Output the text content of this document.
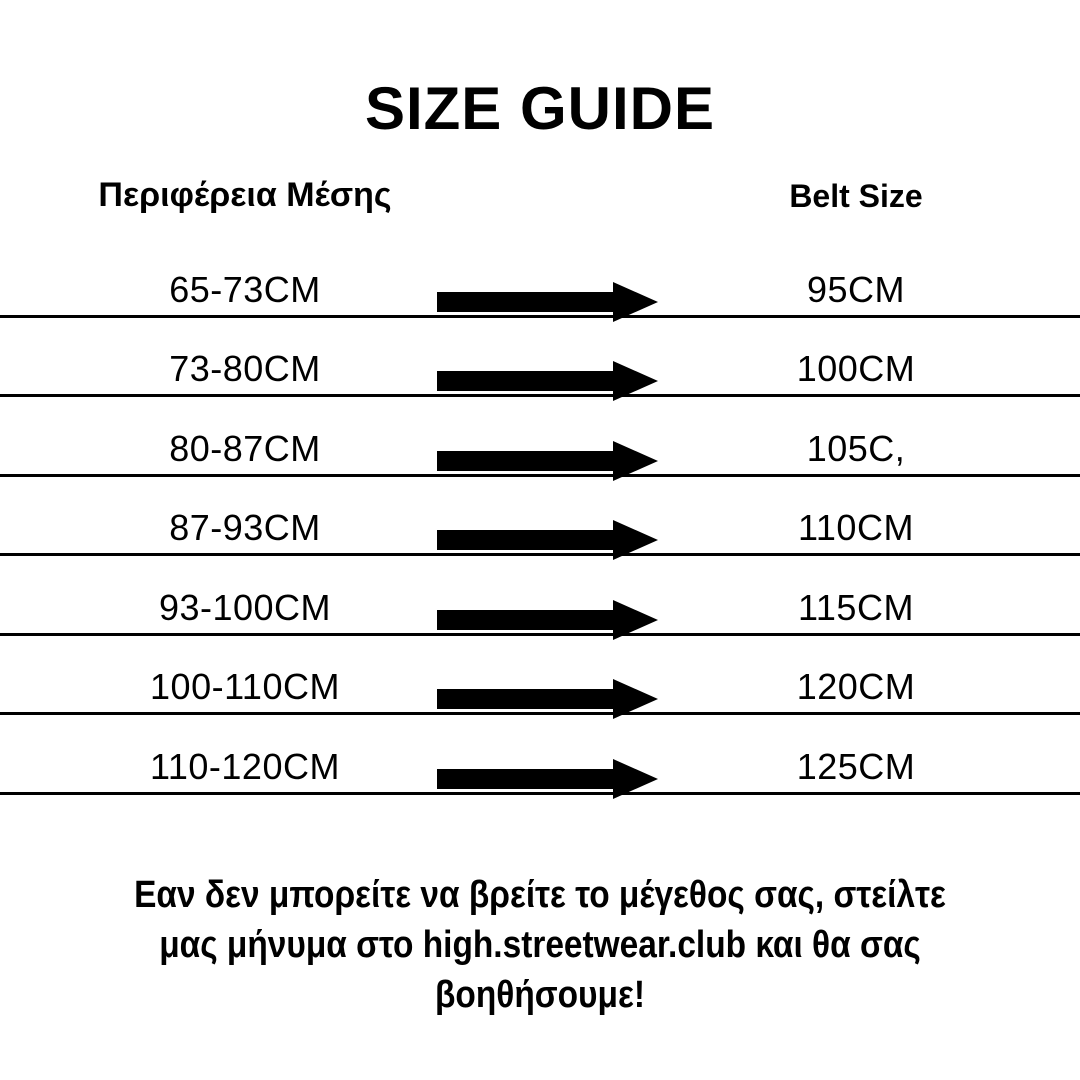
SIZE GUIDE
Περιφέρεια Μέσης	Belt Size
65-73CM	95CM
73-80CM	100CM
80-87CM	105C,
87-93CM	110CM
93-100CM	115CM
100-110CM	120CM
110-120CM	125CM
Εαν δεν μπορείτε να βρείτε το μέγεθος σας, στείλτε
μας μήνυμα στο high.streetwear.club και θα σας
βοηθήσουμε!
